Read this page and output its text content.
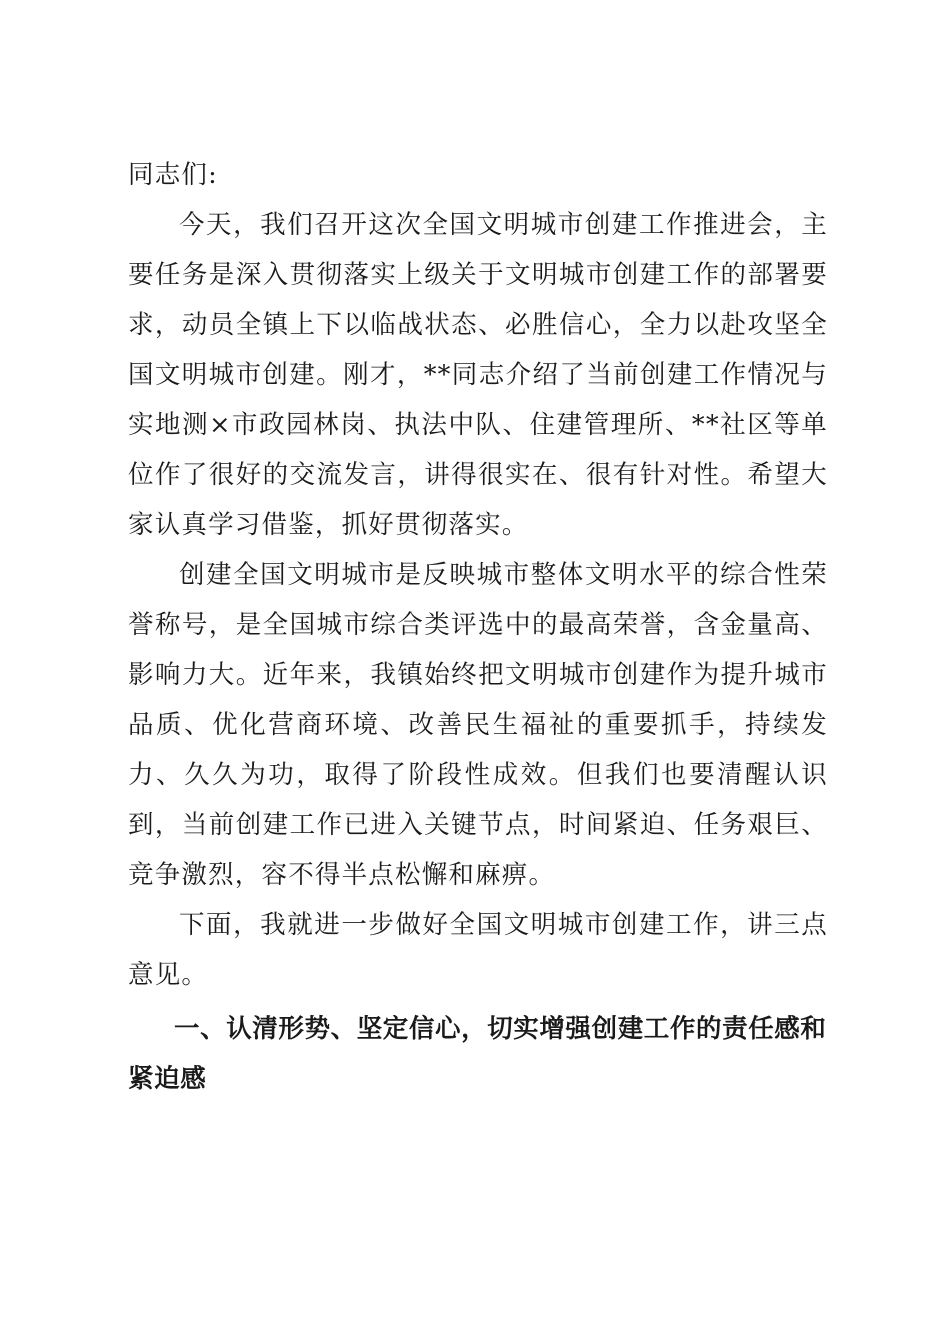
同志们:

今天，我们召开这次全国文明城市创建工作推进会，主要任务是深入贯彻落实上级关于文明城市创建工作的部署要求，动员全镇上下以临战状态、必胜信心，全力以赴攻坚全国文明城市创建。刚才，**同志介绍了当前创建工作情况与实地测×市政园林岗、执法中队、住建管理所、**社区等单位作了很好的交流发言，讲得很实在、很有针对性。希望大家认真学习借鉴，抓好贯彻落实。

创建全国文明城市是反映城市整体文明水平的综合性荣誉称号，是全国城市综合类评选中的最高荣誉，含金量高、影响力大。近年来，我镇始终把文明城市创建作为提升城市品质、优化营商环境、改善民生福祉的重要抓手，持续发力、久久为功，取得了阶段性成效。但我们也要清醒认识到，当前创建工作已进入关键节点，时间紧迫、任务艰巨、竞争激烈，容不得半点松懈和麻痹。

下面，我就进一步做好全国文明城市创建工作，讲三点意见。

一、认清形势、坚定信心，切实增强创建工作的责任感和紧迫感
